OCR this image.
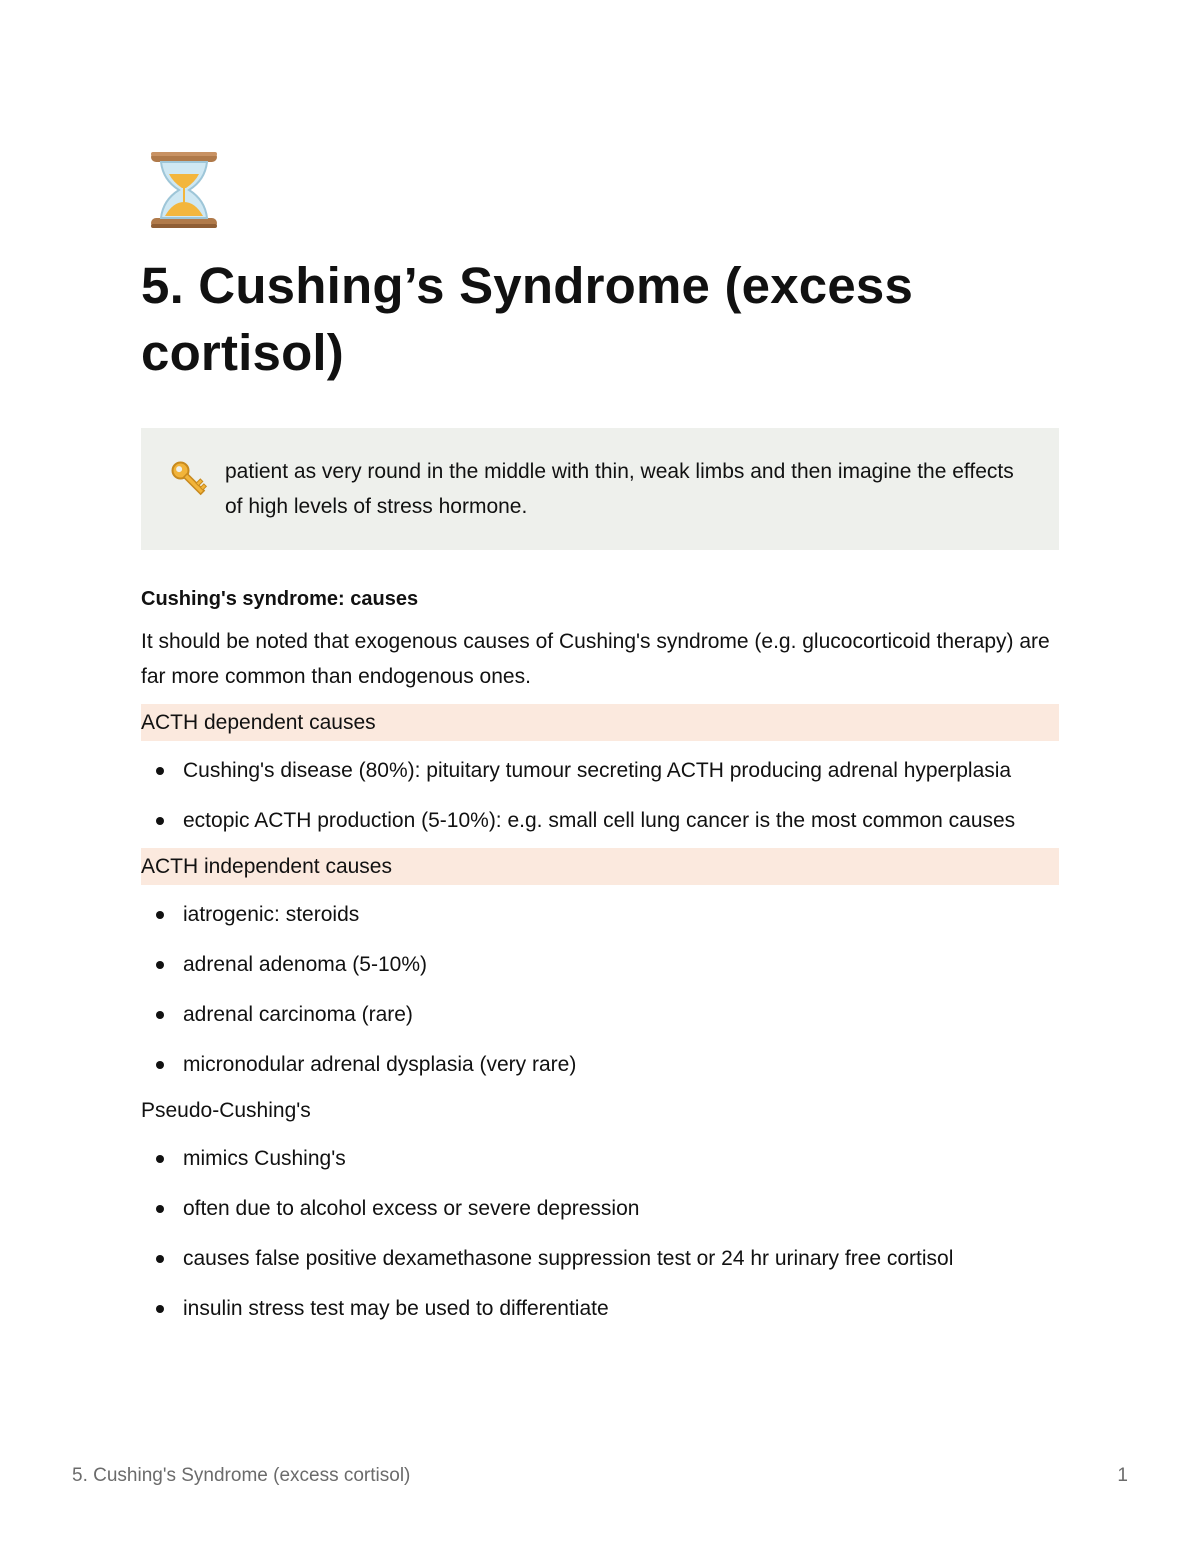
5. Cushing’s Syndrome (excess cortisol)
patient as very round in the middle with thin, weak limbs and then imagine the effects of high levels of stress hormone.
Cushing's syndrome: causes
It should be noted that exogenous causes of Cushing's syndrome (e.g. glucocorticoid therapy) are far more common than endogenous ones.
ACTH dependent causes
Cushing's disease (80%): pituitary tumour secreting ACTH producing adrenal hyperplasia
ectopic ACTH production (5-10%): e.g. small cell lung cancer is the most common causes
ACTH independent causes
iatrogenic: steroids
adrenal adenoma (5-10%)
adrenal carcinoma (rare)
micronodular adrenal dysplasia (very rare)
Pseudo-Cushing's
mimics Cushing's
often due to alcohol excess or severe depression
causes false positive dexamethasone suppression test or 24 hr urinary free cortisol
insulin stress test may be used to differentiate
5. Cushing's Syndrome (excess cortisol)	1
